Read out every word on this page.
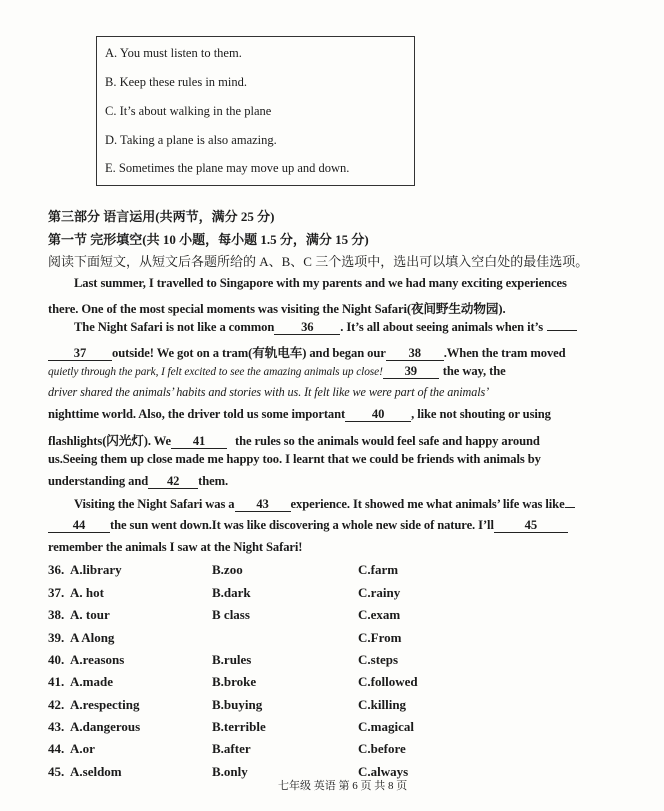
A. You must listen to them.
B. Keep these rules in mind.
C. It’s about walking in the plane
D. Taking a plane is also amazing.
E. Sometimes the plane may move up and down.
第三部分 语言运用(共两节，满分 25 分)
第一节 完形填空(共 10 小题，每小题 1.5 分，满分 15 分)
阅读下面短文，从短文后各题所给的 A、B、C 三个选项中，选出可以填入空白处的最佳选项。
Last summer, I travelled to Singapore with my parents and we had many exciting experiences
there. One of the most special moments was visiting the Night Safari(夜间野生动物园).
The Night Safari is not like a common 36 . It’s all about seeing animals when it’s
37 outside! We got on a tram(有轨电车) and began our 38 .When the tram moved
quietly through the park, I felt excited to see the amazing animals up close! 39 the way, the
driver shared the animals’ habits and stories with us. It felt like we were part of the animals’
nighttime world. Also, the driver told us some important 40 , like not shouting or using
flashlights(闪光灯). We 41 the rules so the animals would feel safe and happy around
us.Seeing them up close made me happy too. I learnt that we could be friends with animals by
understanding and 42 them.
Visiting the Night Safari was a 43 experience. It showed me what animals’ life was like
44 the sun went down.It was like discovering a whole new side of nature. I’ll 45
remember the animals I saw at the Night Safari!
36. A.library	B.zoo	C.farm
37. A. hot	B.dark	C.rainy
38. A. tour	B class	C.exam
39. A Along	C.From
40. A.reasons	B.rules	C.steps
41. A.made	B.broke	C.followed
42. A.respecting	B.buying	C.killing
43. A.dangerous	B.terrible	C.magical
44. A.or	B.after	C.before
45. A.seldom	B.only	C.always
七年级 英语 第 6 页 共 8 页
